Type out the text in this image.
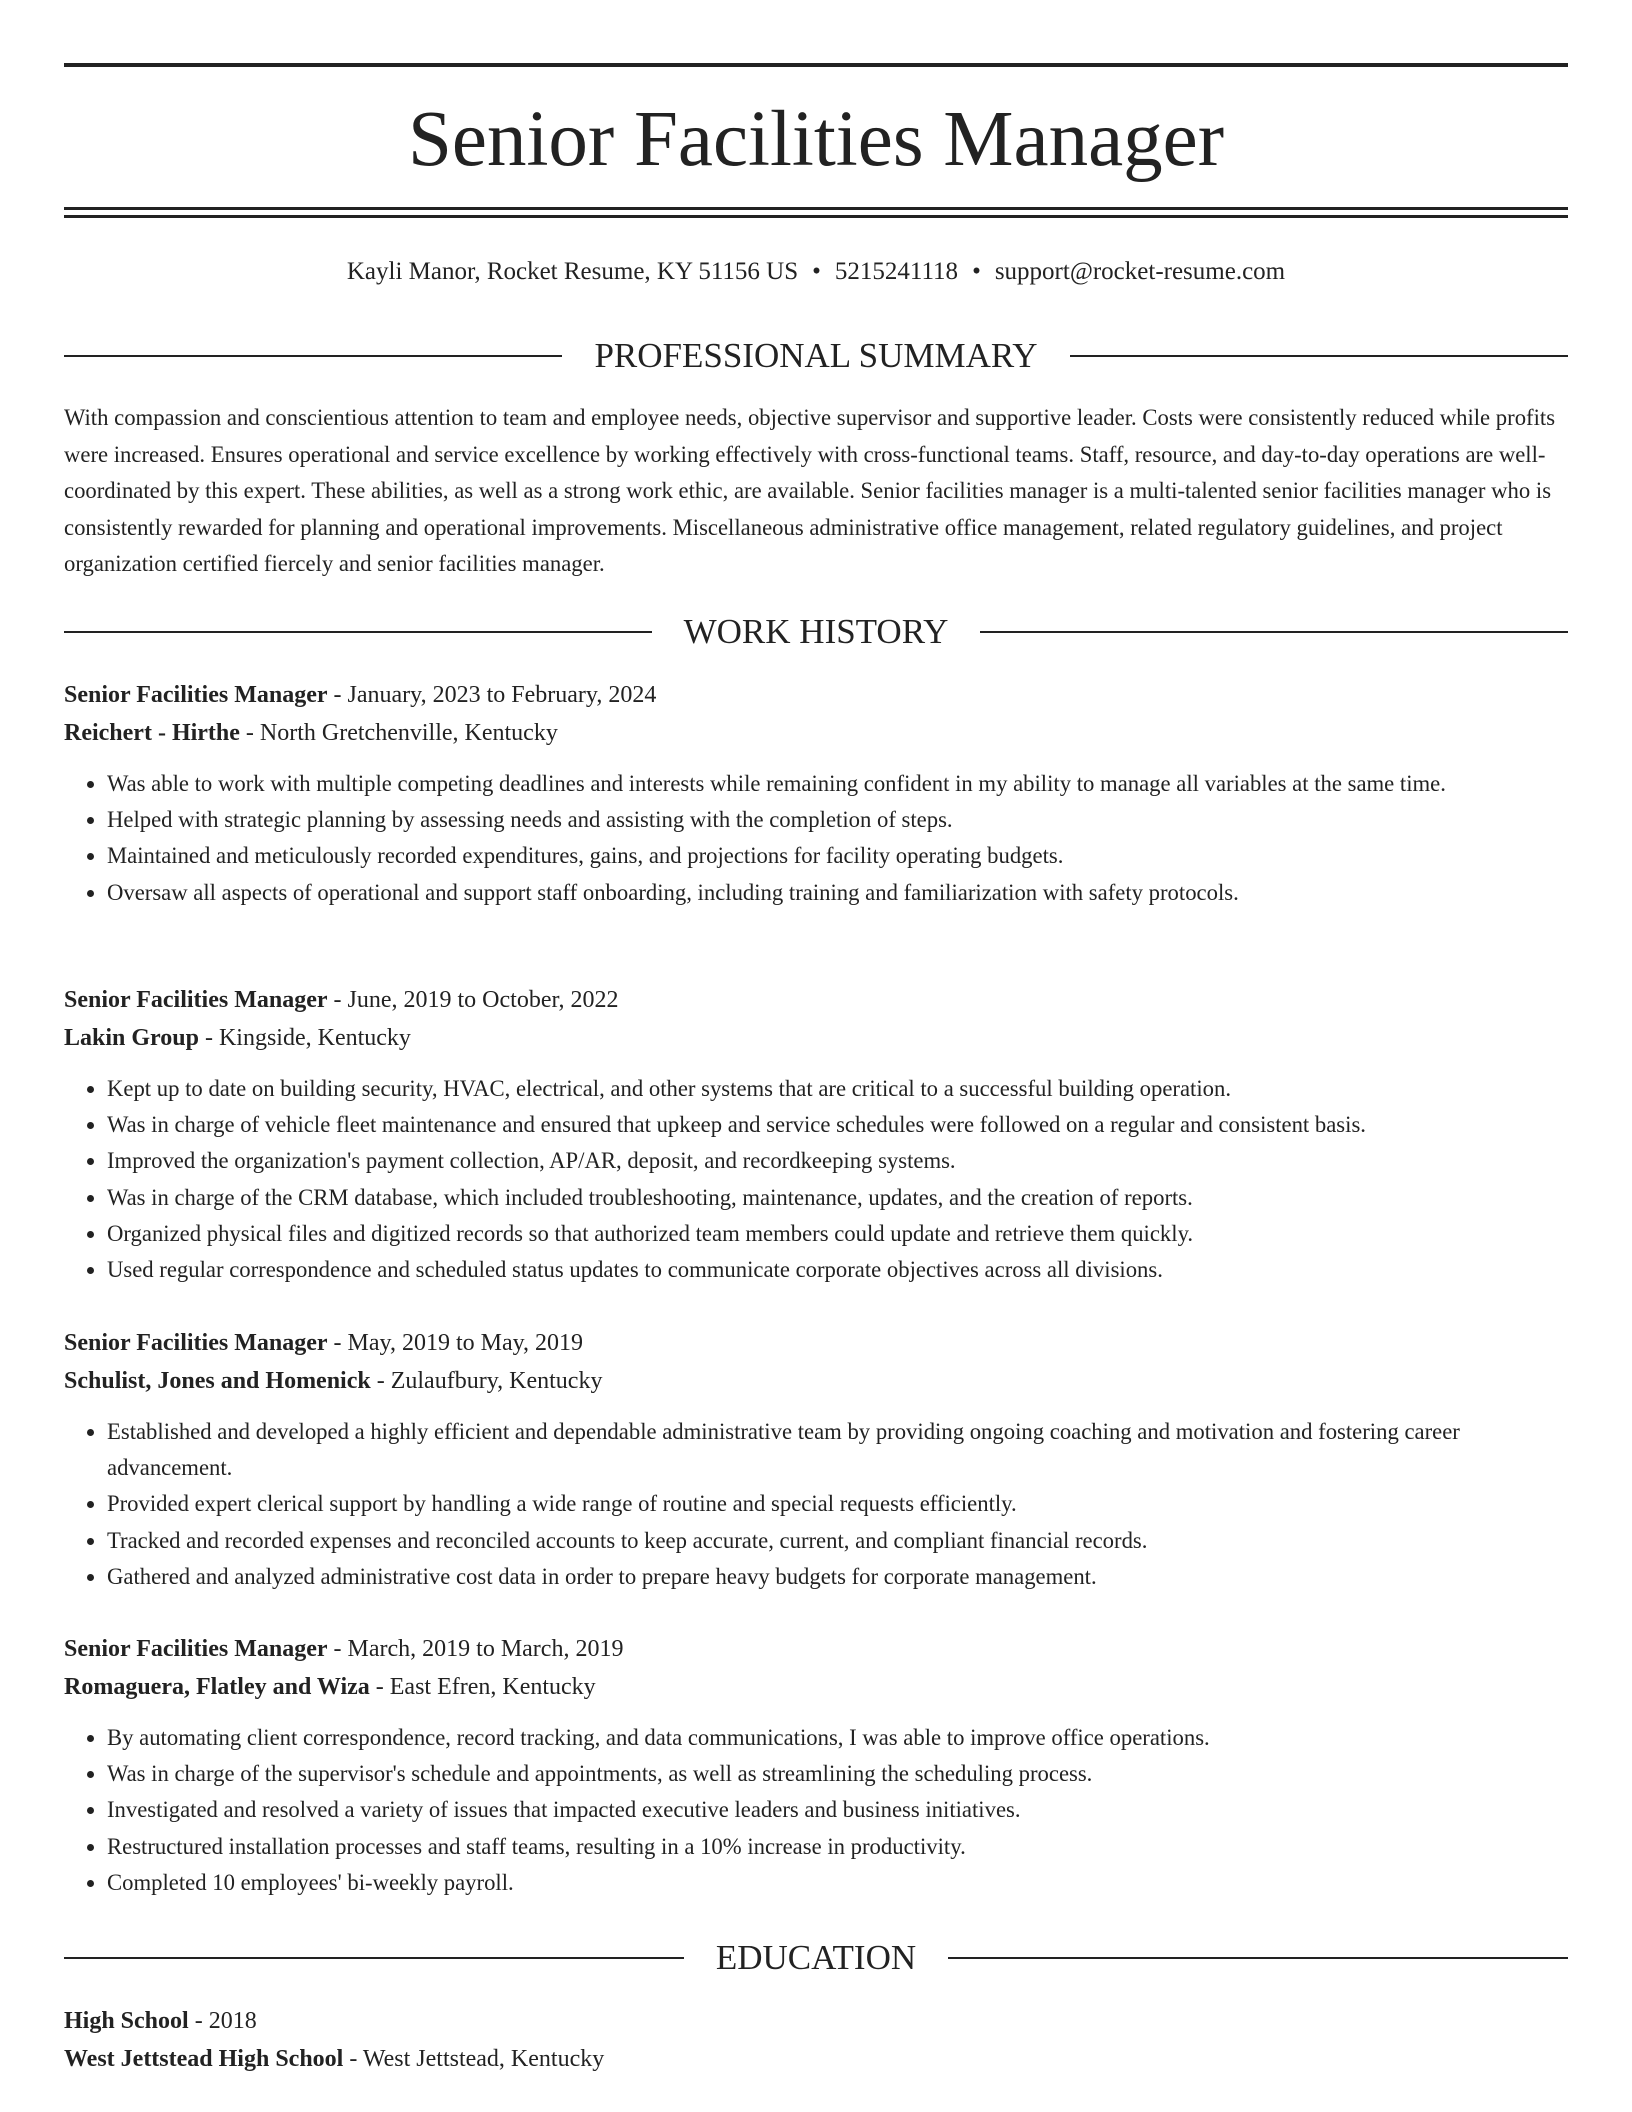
Senior Facilities Manager
Kayli Manor, Rocket Resume, KY 51156 US • 5215241118 • support@rocket-resume.com
PROFESSIONAL SUMMARY

With compassion and conscientious attention to team and employee needs, objective supervisor and supportive leader. Costs were consistently reduced while profits were increased. Ensures operational and service excellence by working effectively with cross-functional teams. Staff, resource, and day-to-day operations are well-coordinated by this expert. These abilities, as well as a strong work ethic, are available. Senior facilities manager is a multi-talented senior facilities manager who is consistently rewarded for planning and operational improvements. Miscellaneous administrative office management, related regulatory guidelines, and project organization certified fiercely and senior facilities manager.

WORK HISTORY
Senior Facilities Manager - January, 2023 to February, 2024
Reichert - Hirthe - North Gretchenville, Kentucky
• Was able to work with multiple competing deadlines and interests while remaining confident in my ability to manage all variables at the same time.
• Helped with strategic planning by assessing needs and assisting with the completion of steps.
• Maintained and meticulously recorded expenditures, gains, and projections for facility operating budgets.
• Oversaw all aspects of operational and support staff onboarding, including training and familiarization with safety protocols.
Senior Facilities Manager - June, 2019 to October, 2022
Lakin Group - Kingside, Kentucky
• Kept up to date on building security, HVAC, electrical, and other systems that are critical to a successful building operation.
• Was in charge of vehicle fleet maintenance and ensured that upkeep and service schedules were followed on a regular and consistent basis.
• Improved the organization's payment collection, AP/AR, deposit, and recordkeeping systems.
• Was in charge of the CRM database, which included troubleshooting, maintenance, updates, and the creation of reports.
• Organized physical files and digitized records so that authorized team members could update and retrieve them quickly.
• Used regular correspondence and scheduled status updates to communicate corporate objectives across all divisions.
Senior Facilities Manager - May, 2019 to May, 2019
Schulist, Jones and Homenick - Zulaufbury, Kentucky
• Established and developed a highly efficient and dependable administrative team by providing ongoing coaching and motivation and fostering career advancement.
• Provided expert clerical support by handling a wide range of routine and special requests efficiently.
• Tracked and recorded expenses and reconciled accounts to keep accurate, current, and compliant financial records.
• Gathered and analyzed administrative cost data in order to prepare heavy budgets for corporate management.
Senior Facilities Manager - March, 2019 to March, 2019
Romaguera, Flatley and Wiza - East Efren, Kentucky
• By automating client correspondence, record tracking, and data communications, I was able to improve office operations.
• Was in charge of the supervisor's schedule and appointments, as well as streamlining the scheduling process.
• Investigated and resolved a variety of issues that impacted executive leaders and business initiatives.
• Restructured installation processes and staff teams, resulting in a 10% increase in productivity.
• Completed 10 employees' bi-weekly payroll.
EDUCATION
High School - 2018
West Jettstead High School - West Jettstead, Kentucky
